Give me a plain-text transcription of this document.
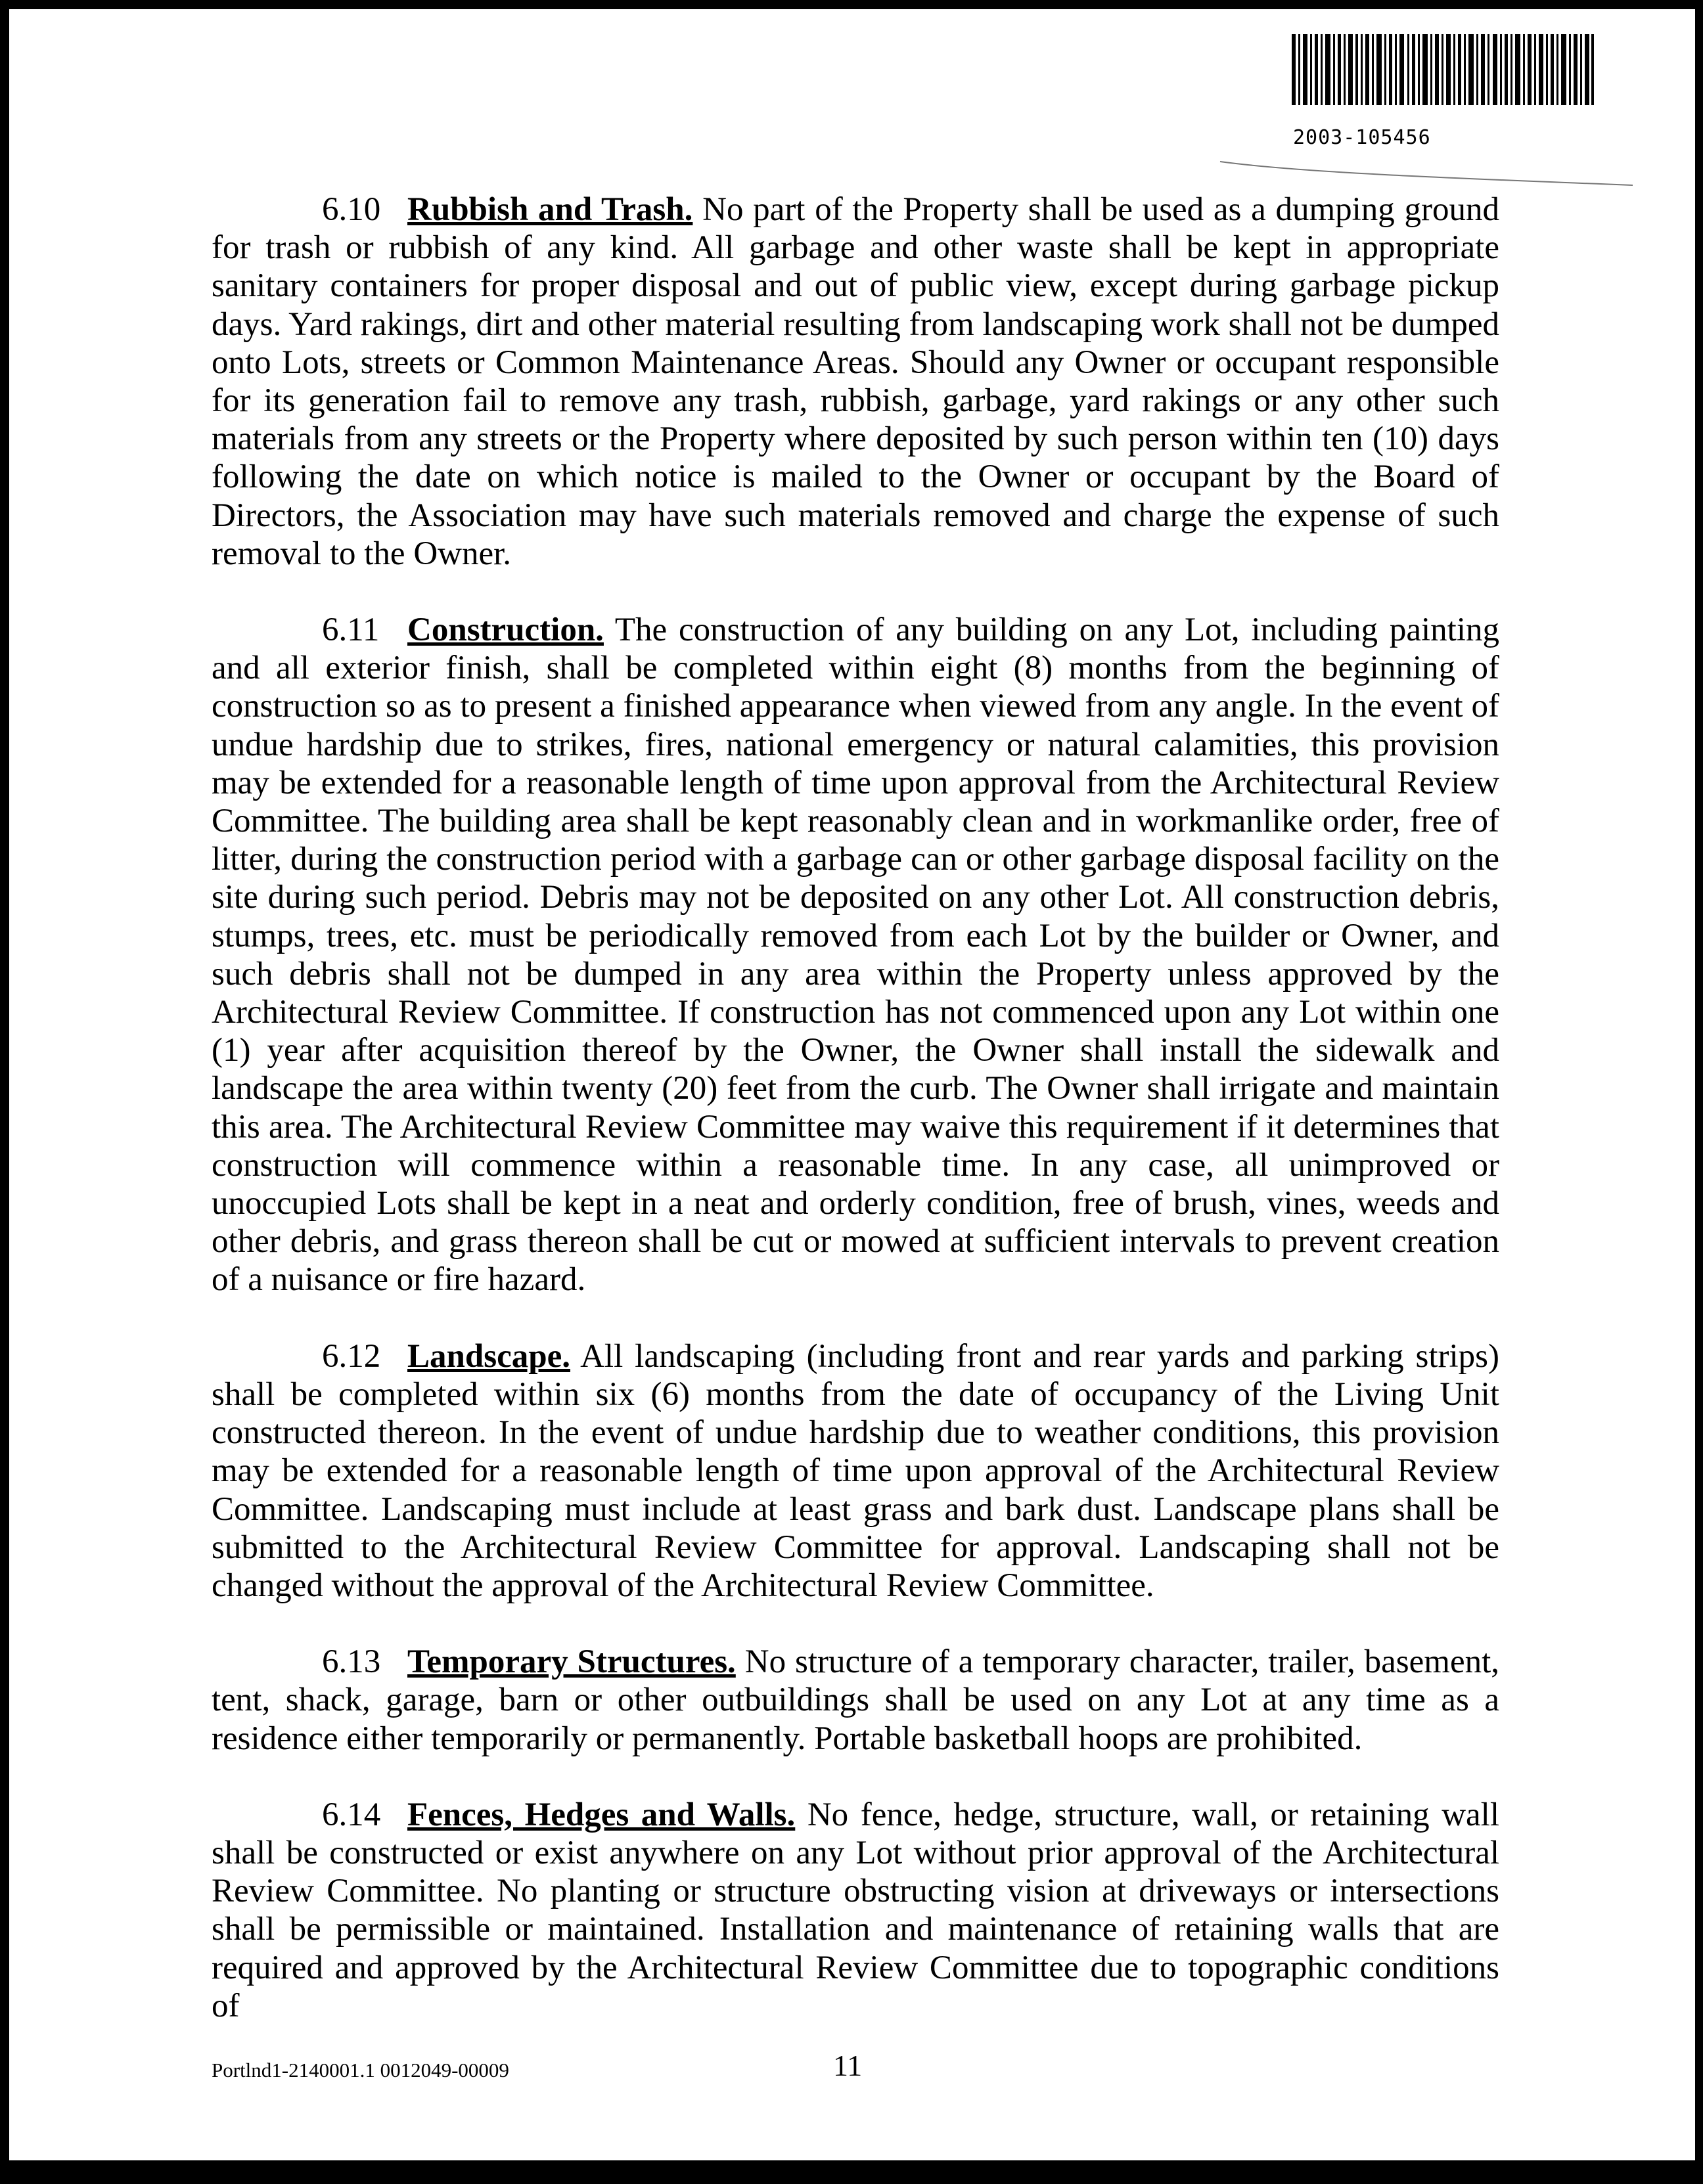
2003-105456

6.10 Rubbish and Trash. No part of the Property shall be used as a dumping ground for trash or rubbish of any kind. All garbage and other waste shall be kept in appropriate sanitary containers for proper disposal and out of public view, except during garbage pickup days. Yard rakings, dirt and other material resulting from landscaping work shall not be dumped onto Lots, streets or Common Maintenance Areas. Should any Owner or occupant responsible for its generation fail to remove any trash, rubbish, garbage, yard rakings or any other such materials from any streets or the Property where deposited by such person within ten (10) days following the date on which notice is mailed to the Owner or occupant by the Board of Directors, the Association may have such materials removed and charge the expense of such removal to the Owner.

6.11 Construction. The construction of any building on any Lot, including painting and all exterior finish, shall be completed within eight (8) months from the beginning of construction so as to present a finished appearance when viewed from any angle. In the event of undue hardship due to strikes, fires, national emergency or natural calamities, this provision may be extended for a reasonable length of time upon approval from the Architectural Review Committee. The building area shall be kept reasonably clean and in workmanlike order, free of litter, during the construction period with a garbage can or other garbage disposal facility on the site during such period. Debris may not be deposited on any other Lot. All construction debris, stumps, trees, etc. must be periodically removed from each Lot by the builder or Owner, and such debris shall not be dumped in any area within the Property unless approved by the Architectural Review Committee. If construction has not commenced upon any Lot within one (1) year after acquisition thereof by the Owner, the Owner shall install the sidewalk and landscape the area within twenty (20) feet from the curb. The Owner shall irrigate and maintain this area. The Architectural Review Committee may waive this requirement if it determines that construction will commence within a reasonable time. In any case, all unimproved or unoccupied Lots shall be kept in a neat and orderly condition, free of brush, vines, weeds and other debris, and grass thereon shall be cut or mowed at sufficient intervals to prevent creation of a nuisance or fire hazard.

6.12 Landscape. All landscaping (including front and rear yards and parking strips) shall be completed within six (6) months from the date of occupancy of the Living Unit constructed thereon. In the event of undue hardship due to weather conditions, this provision may be extended for a reasonable length of time upon approval of the Architectural Review Committee. Landscaping must include at least grass and bark dust. Landscape plans shall be submitted to the Architectural Review Committee for approval. Landscaping shall not be changed without the approval of the Architectural Review Committee.

6.13 Temporary Structures. No structure of a temporary character, trailer, basement, tent, shack, garage, barn or other outbuildings shall be used on any Lot at any time as a residence either temporarily or permanently. Portable basketball hoops are prohibited.

6.14 Fences, Hedges and Walls. No fence, hedge, structure, wall, or retaining wall shall be constructed or exist anywhere on any Lot without prior approval of the Architectural Review Committee. No planting or structure obstructing vision at driveways or intersections shall be permissible or maintained. Installation and maintenance of retaining walls that are required and approved by the Architectural Review Committee due to topographic conditions of

Portlnd1-2140001.1 0012049-00009	11
